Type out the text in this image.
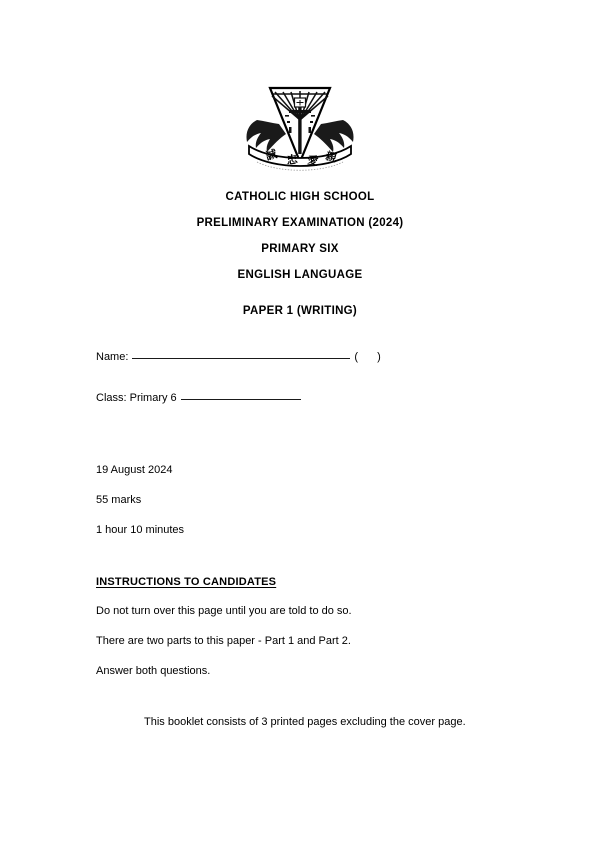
誠 忠 愛 親
CATHOLIC HIGH SCHOOL
PRELIMINARY EXAMINATION (2024)
PRIMARY SIX
ENGLISH LANGUAGE
PAPER 1 (WRITING)
Name:	( )
Class: Primary 6
19 August 2024
55 marks
1 hour 10 minutes
INSTRUCTIONS TO CANDIDATES
Do not turn over this page until you are told to do so.
There are two parts to this paper - Part 1 and Part 2.
Answer both questions.
This booklet consists of 3 printed pages excluding the cover page.
